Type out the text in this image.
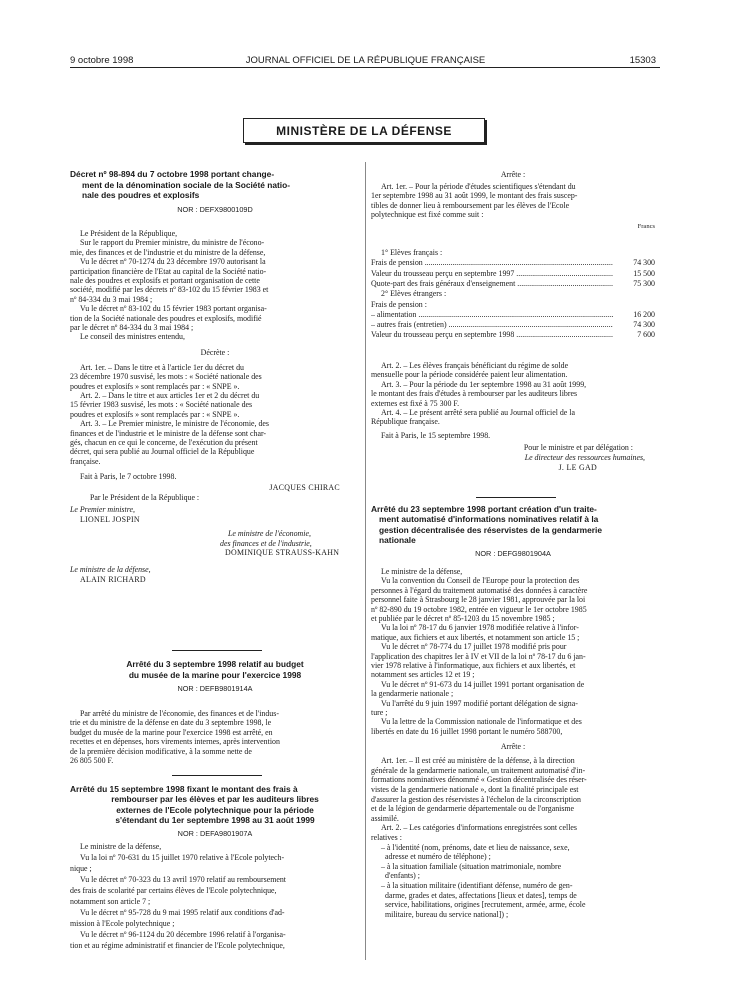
9 octobre 1998	JOURNAL OFFICIEL DE LA RÉPUBLIQUE FRANÇAISE	15303
MINISTÈRE DE LA DÉFENSE
Décret nº 98-894 du 7 octobre 1998 portant change-
ment de la dénomination sociale de la Société natio-
nale des poudres et explosifs
NOR : DEFX9800109D
Le Président de la République,
Sur le rapport du Premier ministre, du ministre de l'écono-
mie, des finances et de l'industrie et du ministre de la défense,
Vu le décret nº 70-1274 du 23 décembre 1970 autorisant la
participation financière de l'Etat au capital de la Société natio-
nale des poudres et explosifs et portant organisation de cette
société, modifié par les décrets nº 83-102 du 15 février 1983 et
nº 84-334 du 3 mai 1984 ;
Vu le décret nº 83-102 du 15 février 1983 portant organisa-
tion de la Société nationale des poudres et explosifs, modifié
par le décret nº 84-334 du 3 mai 1984 ;
Le conseil des ministres entendu,
Décrète :
Art. 1er. – Dans le titre et à l'article 1er du décret du
23 décembre 1970 susvisé, les mots : « Société nationale des
poudres et explosifs » sont remplacés par : « SNPE ».
Art. 2. – Dans le titre et aux articles 1er et 2 du décret du
15 février 1983 susvisé, les mots : « Société nationale des
poudres et explosifs » sont remplacés par : « SNPE ».
Art. 3. – Le Premier ministre, le ministre de l'économie, des
finances et de l'industrie et le ministre de la défense sont char-
gés, chacun en ce qui le concerne, de l'exécution du présent
décret, qui sera publié au Journal officiel de la République
française.
Fait à Paris, le 7 octobre 1998.
JACQUES CHIRAC
Par le Président de la République :
Le Premier ministre,
LIONEL JOSPIN
Le ministre de l'économie,
des finances et de l'industrie,
DOMINIQUE STRAUSS-KAHN
Le ministre de la défense,
ALAIN RICHARD
Arrêté du 3 septembre 1998 relatif au budget
du musée de la marine pour l'exercice 1998
NOR : DEFB9801914A
Par arrêté du ministre de l'économie, des finances et de l'indus-
trie et du ministre de la défense en date du 3 septembre 1998, le
budget du musée de la marine pour l'exercice 1998 est arrêté, en
recettes et en dépenses, hors virements internes, après intervention
de la première décision modificative, à la somme nette de
26 805 500 F.
Arrêté du 15 septembre 1998 fixant le montant des frais à
rembourser par les élèves et par les auditeurs libres
externes de l'Ecole polytechnique pour la période
s'étendant du 1er septembre 1998 au 31 août 1999
NOR : DEFA9801907A
Le ministre de la défense,
Vu la loi nº 70-631 du 15 juillet 1970 relative à l'Ecole polytech-
nique ;
Vu le décret nº 70-323 du 13 avril 1970 relatif au remboursement
des frais de scolarité par certains élèves de l'Ecole polytechnique,
notamment son article 7 ;
Vu le décret nº 95-728 du 9 mai 1995 relatif aux conditions d'ad-
mission à l'Ecole polytechnique ;
Vu le décret nº 96-1124 du 20 décembre 1996 relatif à l'organisa-
tion et au régime administratif et financier de l'Ecole polytechnique,
Arrête :
Art. 1er. – Pour la période d'études scientifiques s'étendant du
1er septembre 1998 au 31 août 1999, le montant des frais suscep-
tibles de donner lieu à remboursement par les élèves de l'Ecole
polytechnique est fixé comme suit :
Francs
1° Elèves français :
Frais de pension .....	74 300
Valeur du trousseau perçu en septembre 1997 .....	15 500
Quote-part des frais généraux d'enseignement .....	75 300
2° Elèves étrangers :
Frais de pension :
– alimentation .....	16 200
– autres frais (entretien) .....	74 300
Valeur du trousseau perçu en septembre 1998 .....	7 600
Art. 2. – Les élèves français bénéficiant du régime de solde
mensuelle pour la période considérée paient leur alimentation.
Art. 3. – Pour la période du 1er septembre 1998 au 31 août 1999,
le montant des frais d'études à rembourser par les auditeurs libres
externes est fixé à 75 300 F.
Art. 4. – Le présent arrêté sera publié au Journal officiel de la
République française.
Fait à Paris, le 15 septembre 1998.
Pour le ministre et par délégation :
Le directeur des ressources humaines,
J. LE GAD
Arrêté du 23 septembre 1998 portant création d'un traite-
ment automatisé d'informations nominatives relatif à la
gestion décentralisée des réservistes de la gendarmerie
nationale
NOR : DEFG9801904A
Le ministre de la défense,
Vu la convention du Conseil de l'Europe pour la protection des
personnes à l'égard du traitement automatisé des données à caractère
personnel faite à Strasbourg le 28 janvier 1981, approuvée par la loi
nº 82-890 du 19 octobre 1982, entrée en vigueur le 1er octobre 1985
et publiée par le décret nº 85-1203 du 15 novembre 1985 ;
Vu la loi nº 78-17 du 6 janvier 1978 modifiée relative à l'infor-
matique, aux fichiers et aux libertés, et notamment son article 15 ;
Vu le décret nº 78-774 du 17 juillet 1978 modifié pris pour
l'application des chapitres Ier à IV et VII de la loi nº 78-17 du 6 jan-
vier 1978 relative à l'informatique, aux fichiers et aux libertés, et
notamment ses articles 12 et 19 ;
Vu le décret nº 91-673 du 14 juillet 1991 portant organisation de
la gendarmerie nationale ;
Vu l'arrêté du 9 juin 1997 modifié portant délégation de signa-
ture ;
Vu la lettre de la Commission nationale de l'informatique et des
libertés en date du 16 juillet 1998 portant le numéro 588700,
Arrête :
Art. 1er. – Il est créé au ministère de la défense, à la direction
générale de la gendarmerie nationale, un traitement automatisé d'in-
formations nominatives dénommé « Gestion décentralisée des réser-
vistes de la gendarmerie nationale », dont la finalité principale est
d'assurer la gestion des réservistes à l'échelon de la circonscription
et de la légion de gendarmerie départementale ou de l'organisme
assimilé.
Art. 2. – Les catégories d'informations enregistrées sont celles
relatives :
– à l'identité (nom, prénoms, date et lieu de naissance, sexe,
adresse et numéro de téléphone) ;
– à la situation familiale (situation matrimoniale, nombre
d'enfants) ;
– à la situation militaire (identifiant défense, numéro de gen-
darme, grades et dates, affectations [lieux et dates], temps de
service, habilitations, origines [recrutement, armée, arme, école
militaire, bureau du service national]) ;
